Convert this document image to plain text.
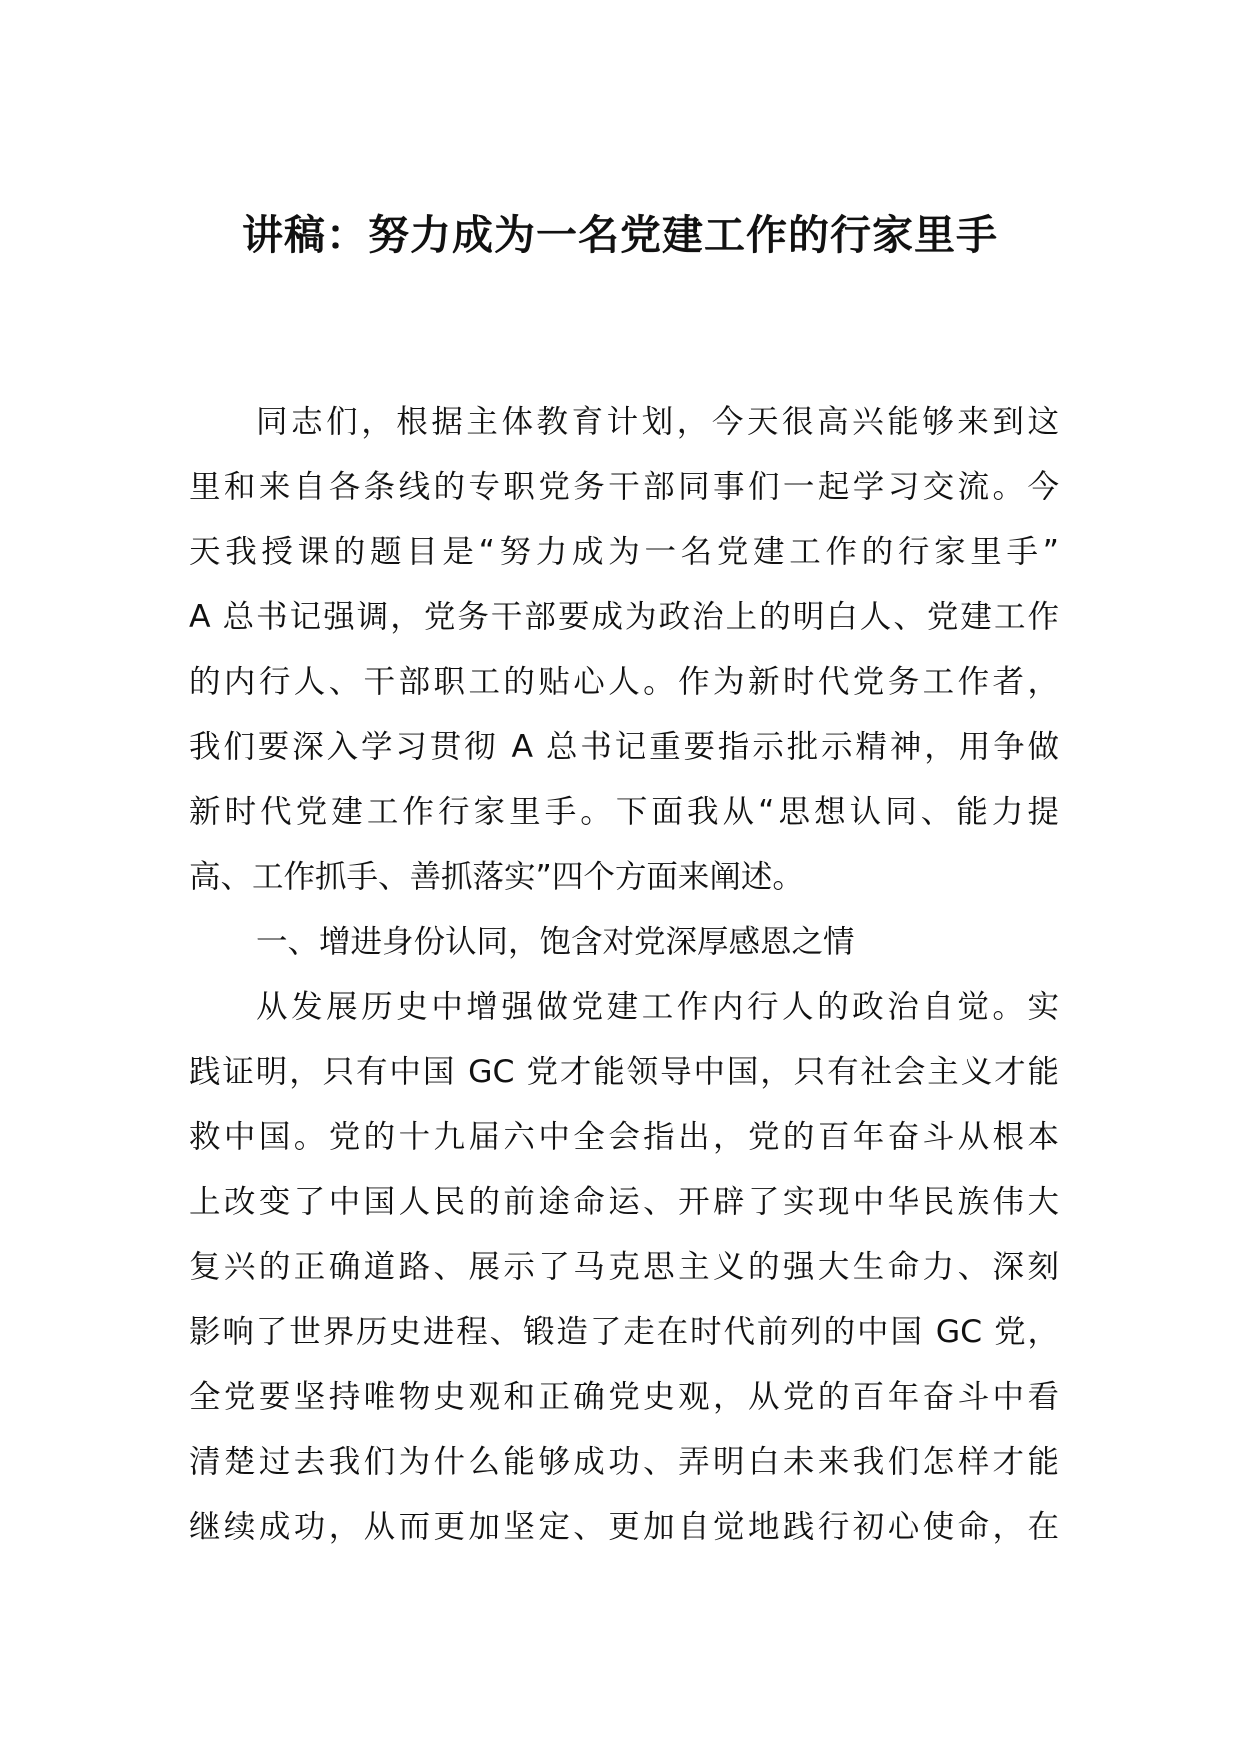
讲稿：努力成为一名党建工作的行家里手
同志们，根据主体教育计划，今天很高兴能够来到这
里和来自各条线的专职党务干部同事们一起学习交流。今
天我授课的题目是“努力成为一名党建工作的行家里手”
A 总书记强调，党务干部要成为政治上的明白人、党建工作
的内行人、干部职工的贴心人。作为新时代党务工作者，
我们要深入学习贯彻 A 总书记重要指示批示精神，用争做
新时代党建工作行家里手。下面我从“思想认同、能力提
高、工作抓手、善抓落实”四个方面来阐述。
一、增进身份认同，饱含对党深厚感恩之情
从发展历史中增强做党建工作内行人的政治自觉。实
践证明，只有中国 GC 党才能领导中国，只有社会主义才能
救中国。党的十九届六中全会指出，党的百年奋斗从根本
上改变了中国人民的前途命运、开辟了实现中华民族伟大
复兴的正确道路、展示了马克思主义的强大生命力、深刻
影响了世界历史进程、锻造了走在时代前列的中国 GC 党，
全党要坚持唯物史观和正确党史观，从党的百年奋斗中看
清楚过去我们为什么能够成功、弄明白未来我们怎样才能
继续成功，从而更加坚定、更加自觉地践行初心使命，在
